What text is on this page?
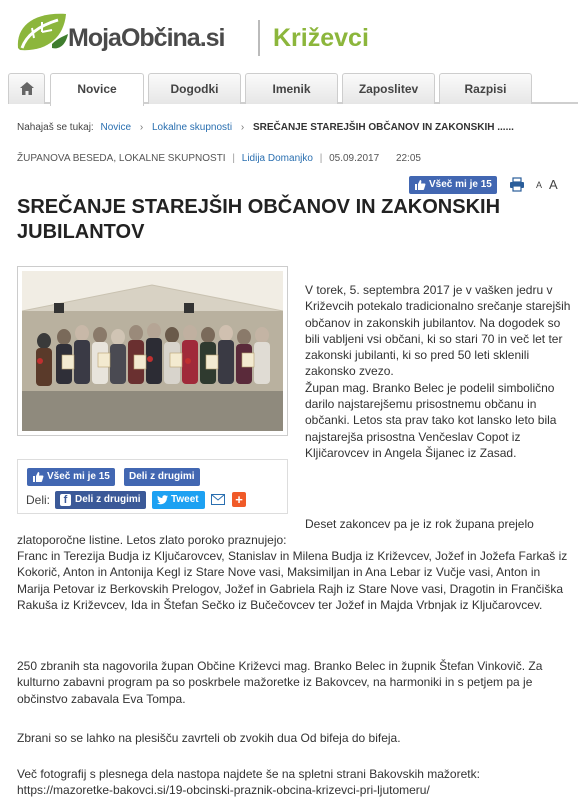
MojaObčina.si Križevci
Novice	Dogodki	Imenik	Zaposlitev	Razpisi
Nahajaš se tukaj: Novice › Lokalne skupnosti › SREČANJE STAREJŠIH OBČANOV IN ZAKONSKIH ......
ŽUPANOVA BESEDA, LOKALNE SKUPNOSTI | Lidija Domanjko | 05.09.2017 22:05
Všeč mi je 15	A A
SREČANJE STAREJŠIH OBČANOV IN ZAKONSKIH JUBILANTOV

V torek, 5. septembra 2017 je v vašken jedru v Križevcih potekalo tradicionalno srečanje starejših občanov in zakonskih jubilantov. Na dogodek so bili vabljeni vsi občani, ki so stari 70 in več let ter zakonski jubilanti, ki so pred 50 leti sklenili zakonsko zvezo.

Župan mag. Branko Belec je podelil simbolično darilo najstarejšemu prisostnemu občanu in občanki. Letos sta prav tako kot lansko leto bila najstarejša prisostna Venčeslav Copot iz Kljičarovcev in Angela Šijanec iz Zasad.

Všeč mi je 15	Deli z drugimi
Deli:	f Deli z drugimi	Tweet	+

Deset zakoncev pa je iz rok župana prejelo

zlatoporočne listine. Letos zlato poroko praznujejo:

Franc in Terezija Budja iz Ključarovcev, Stanislav in Milena Budja iz Križevcev, Jožef in Jožefa Farkaš iz Kokorič, Anton in Antonija Kegl iz Stare Nove vasi, Maksimiljan in Ana Lebar iz Vučje vasi, Anton in Marija Petovar iz Berkovskih Prelogov, Jožef in Gabriela Rajh iz Stare Nove vasi, Dragotin in Frančiška Rakuša iz Križevcev, Ida in Štefan Sečko iz Bučečovcev ter Jožef in Majda Vrbnjak iz Ključarovcev.

250 zbranih sta nagovorila župan Občine Križevci mag. Branko Belec in župnik Štefan Vinkovič. Za kulturno zabavni program pa so poskrbele mažoretke iz Bakovcev, na harmoniki in s petjem pa je občinstvo zabavala Eva Tompa.

Zbrani so se lahko na plesišču zavrteli ob zvokih dua Od bifeja do bifeja.

Več fotografij s plesnega dela nastopa najdete še na spletni strani Bakovskih mažoretk:

https://mazoretke-bakovci.si/19-obcinski-praznik-obcina-krizevci-pri-ljutomeru/
